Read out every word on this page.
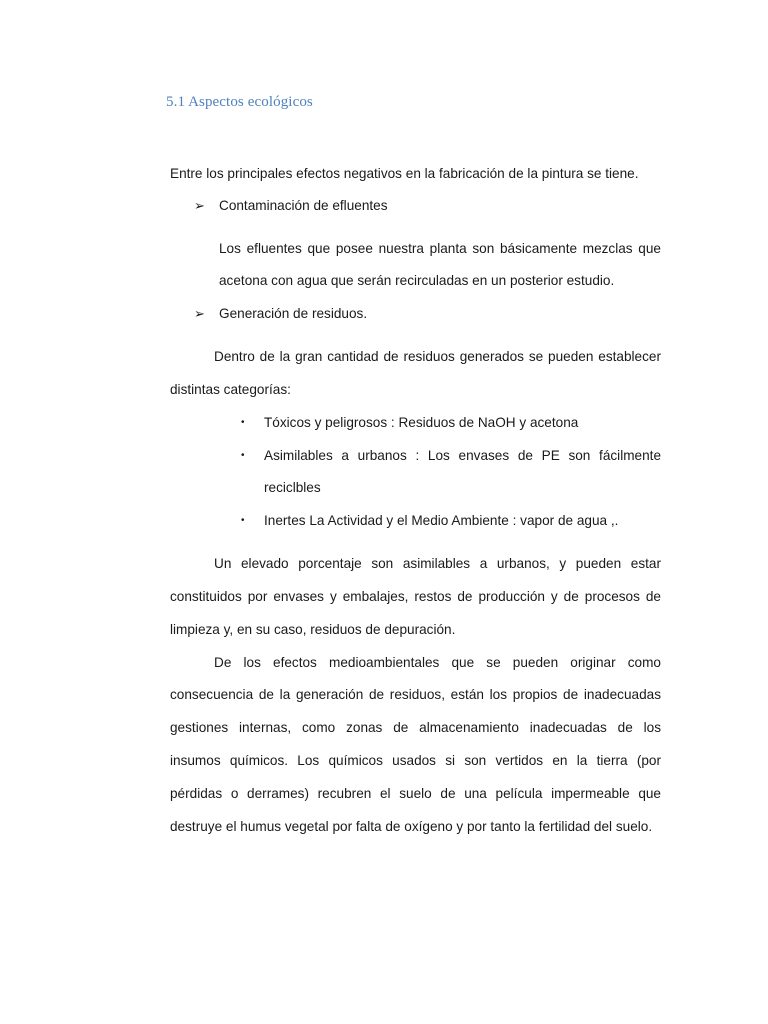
5.1 Aspectos ecológicos
Entre los principales efectos negativos en la fabricación de la pintura se tiene.
➢ Contaminación de efluentes
Los efluentes que posee nuestra planta son básicamente mezclas que
acetona con agua que serán recirculadas en un posterior estudio.
➢ Generación de residuos.
Dentro de la gran cantidad de residuos generados se pueden establecer
distintas categorías:
• Tóxicos y peligrosos : Residuos de NaOH y acetona
• Asimilables a urbanos : Los envases de PE son fácilmente
reciclbles
• Inertes La Actividad y el Medio Ambiente : vapor de agua ,.
Un elevado porcentaje son asimilables a urbanos, y pueden estar
constituidos por envases y embalajes, restos de producción y de procesos de
limpieza y, en su caso, residuos de depuración.
De los efectos medioambientales que se pueden originar como
consecuencia de la generación de residuos, están los propios de inadecuadas
gestiones internas, como zonas de almacenamiento inadecuadas de los
insumos químicos. Los químicos usados si son vertidos en la tierra (por
pérdidas o derrames) recubren el suelo de una película impermeable que
destruye el humus vegetal por falta de oxígeno y por tanto la fertilidad del suelo.
